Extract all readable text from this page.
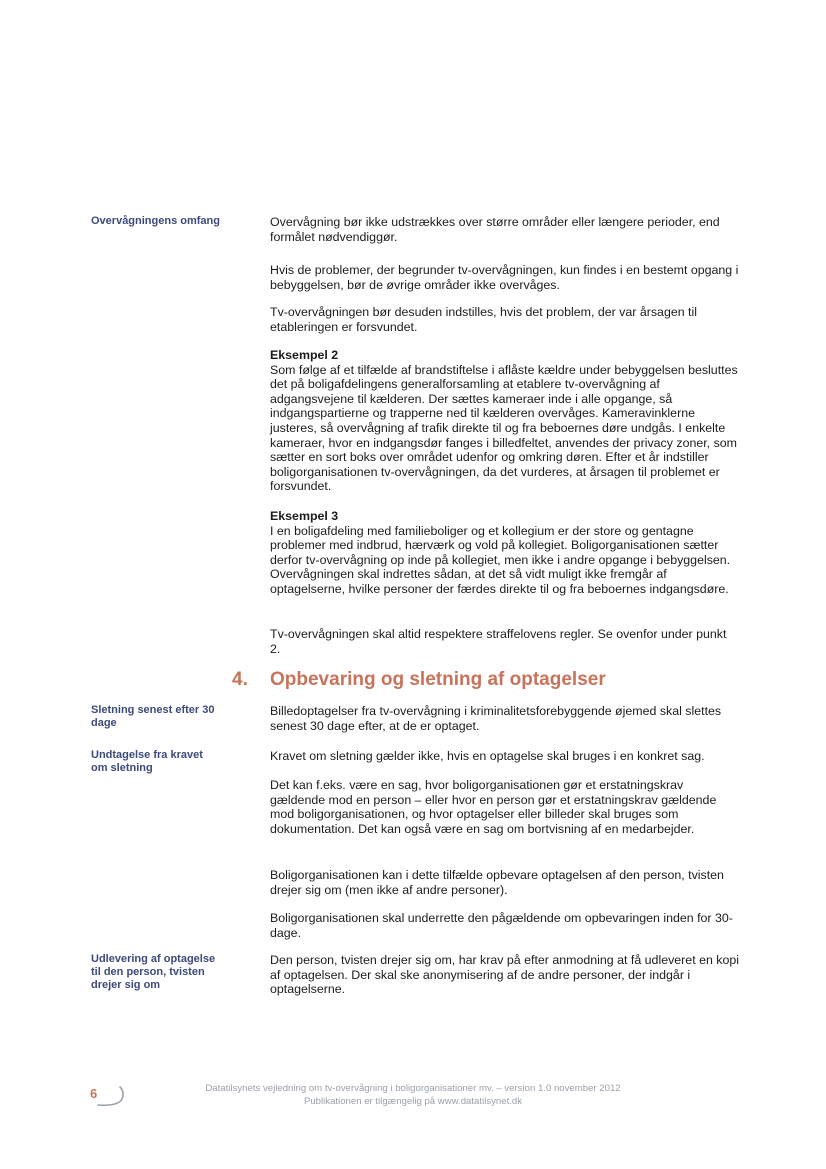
Overvågningens omfang
Sletning senest efter 30 dage
Undtagelse fra kravet om sletning
Udlevering af optagelse til den person, tvisten drejer sig om

Overvågning bør ikke udstrækkes over større områder eller længere perioder, end formålet nødvendiggør.

Hvis de problemer, der begrunder tv-overvågningen, kun findes i en bestemt opgang i bebyggelsen, bør de øvrige områder ikke overvåges.

Tv-overvågningen bør desuden indstilles, hvis det problem, der var årsagen til etableringen er forsvundet.

Eksempel 2

Som følge af et tilfælde af brandstiftelse i aflåste kældre under bebyggelsen besluttes det på boligafdelingens generalforsamling at etablere tv-overvågning af adgangsvejene til kælderen. Der sættes kameraer inde i alle opgange, så indgangspartierne og trapperne ned til kælderen overvåges. Kameravinklerne justeres, så overvågning af trafik direkte til og fra beboernes døre undgås. I enkelte kameraer, hvor en indgangsdør fanges i billedfeltet, anvendes der privacy zoner, som sætter en sort boks over området udenfor og omkring døren. Efter et år indstiller boligorganisationen tv-overvågningen, da det vurderes, at årsagen til problemet er forsvundet.

Eksempel 3

I en boligafdeling med familieboliger og et kollegium er der store og gentagne problemer med indbrud, hærværk og vold på kollegiet. Boligorganisationen sætter derfor tv-overvågning op inde på kollegiet, men ikke i andre opgange i bebyggelsen. Overvågningen skal indrettes sådan, at det så vidt muligt ikke fremgår af optagelserne, hvilke personer der færdes direkte til og fra beboernes indgangsdøre.

Tv-overvågningen skal altid respektere straffelovens regler. Se ovenfor under punkt 2.

4. Opbevaring og sletning af optagelser

Billedoptagelser fra tv-overvågning i kriminalitetsforebyggende øjemed skal slettes senest 30 dage efter, at de er optaget.

Kravet om sletning gælder ikke, hvis en optagelse skal bruges i en konkret sag.

Det kan f.eks. være en sag, hvor boligorganisationen gør et erstatningskrav gældende mod en person – eller hvor en person gør et erstatningskrav gældende mod boligorganisationen, og hvor optagelser eller billeder skal bruges som dokumentation. Det kan også være en sag om bortvisning af en medarbejder.

Boligorganisationen kan i dette tilfælde opbevare optagelsen af den person, tvisten drejer sig om (men ikke af andre personer).

Boligorganisationen skal underrette den pågældende om opbevaringen inden for 30-dage.

Den person, tvisten drejer sig om, har krav på efter anmodning at få udleveret en kopi af optagelsen. Der skal ske anonymisering af de andre personer, der indgår i optagelserne.

6	Datatilsynets vejledning om tv-overvågning i boligorganisationer mv. – version 1.0 november 2012
Publikationen er tilgængelig på www.datatilsynet.dk
